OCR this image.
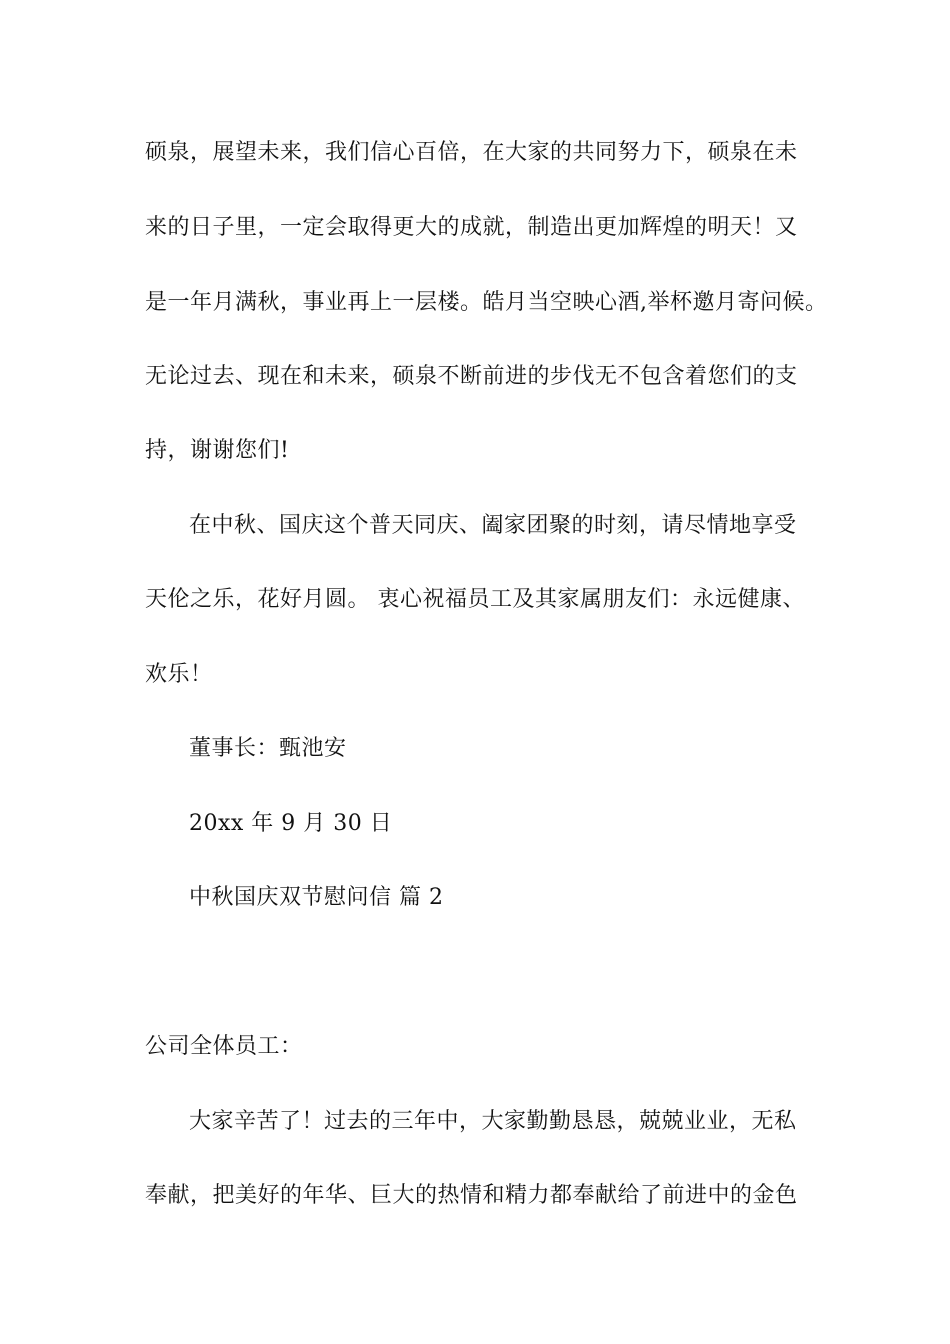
硕泉，展望未来，我们信心百倍，在大家的共同努力下，硕泉在未
来的日子里，一定会取得更大的成就，制造出更加辉煌的明天！又
是一年月满秋，事业再上一层楼。皓月当空映心酒,举杯邀月寄问候。
无论过去、现在和未来，硕泉不断前进的步伐无不包含着您们的支
持，谢谢您们!
在中秋、国庆这个普天同庆、阖家团聚的时刻，请尽情地享受
天伦之乐，花好月圆。 衷心祝福员工及其家属朋友们：永远健康、
欢乐！
董事长：甄池安
20xx 年 9 月 30 日
中秋国庆双节慰问信 篇 2
公司全体员工：
大家辛苦了！过去的三年中，大家勤勤恳恳，兢兢业业，无私
奉献，把美好的年华、巨大的热情和精力都奉献给了前进中的金色
